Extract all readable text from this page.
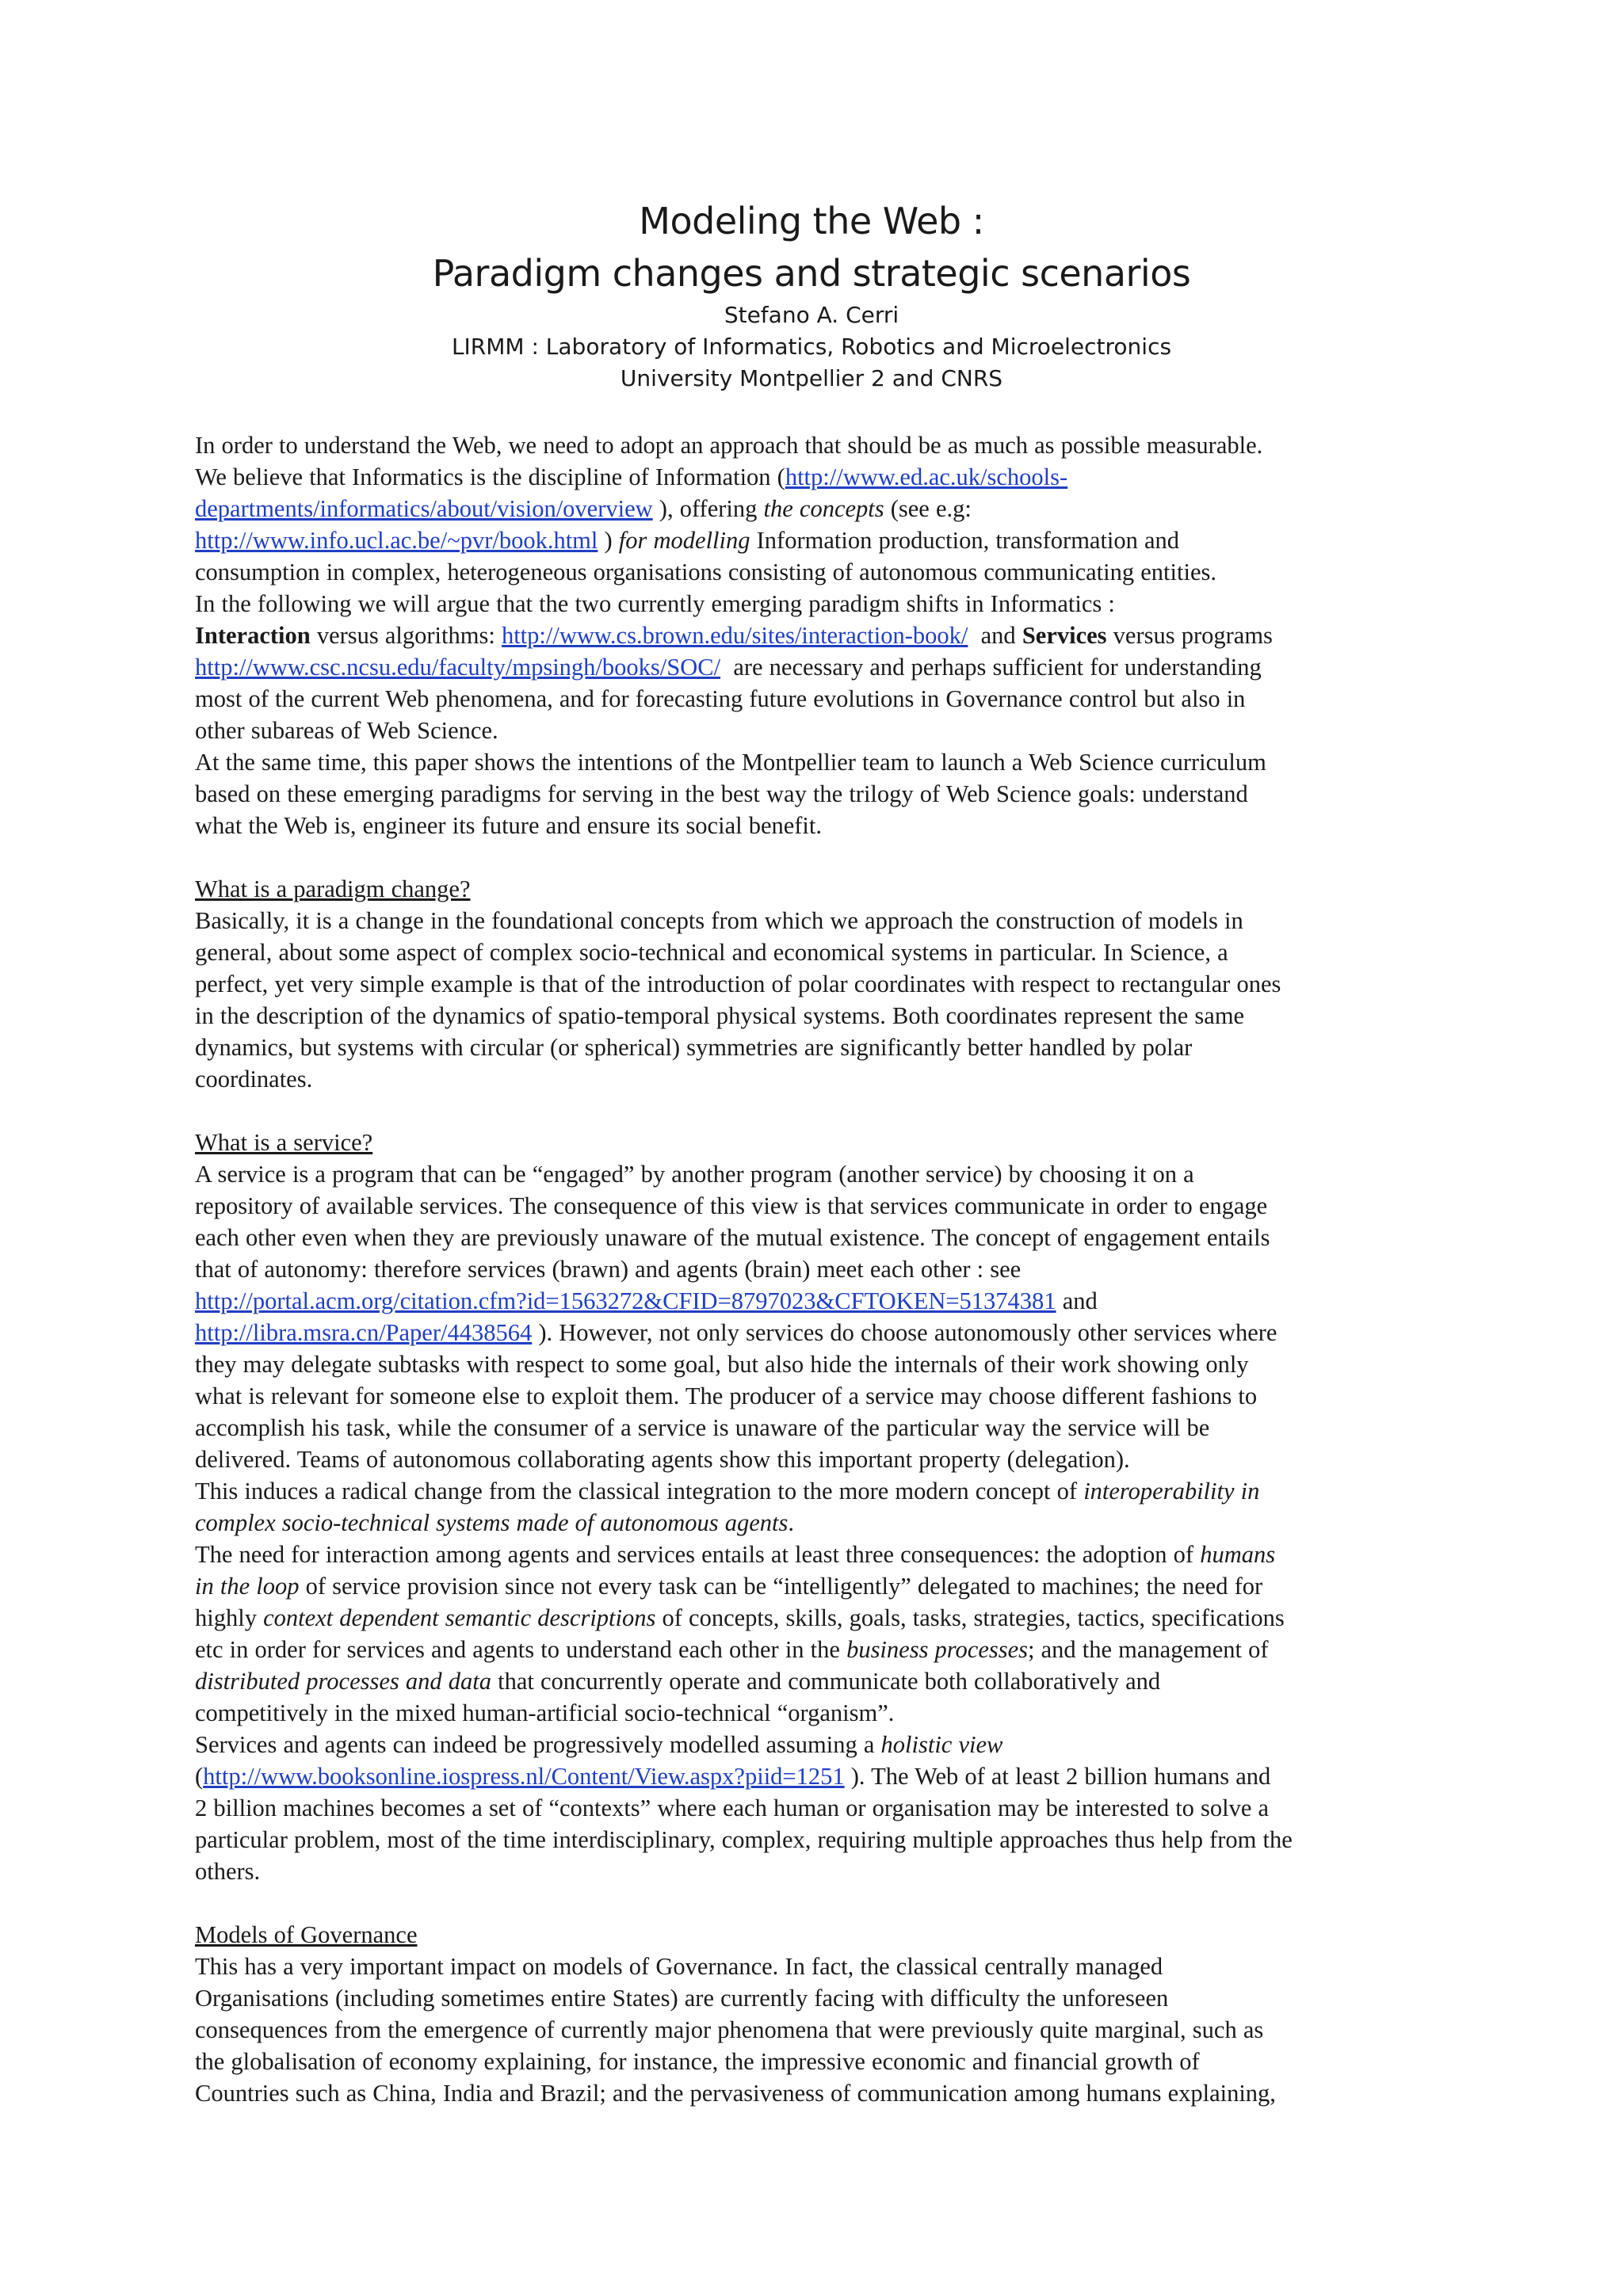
Modeling the Web :
Paradigm changes and strategic scenarios
Stefano A. Cerri
LIRMM : Laboratory of Informatics, Robotics and Microelectronics
University Montpellier 2 and CNRS
In order to understand the Web, we need to adopt an approach that should be as much as possible measurable.
We believe that Informatics is the discipline of Information (http://www.ed.ac.uk/schools-
departments/informatics/about/vision/overview ), offering the concepts (see e.g:
http://www.info.ucl.ac.be/~pvr/book.html ) for modelling Information production, transformation and
consumption in complex, heterogeneous organisations consisting of autonomous communicating entities.
In the following we will argue that the two currently emerging paradigm shifts in Informatics :
Interaction versus algorithms: http://www.cs.brown.edu/sites/interaction-book/  and Services versus programs
http://www.csc.ncsu.edu/faculty/mpsingh/books/SOC/  are necessary and perhaps sufficient for understanding
most of the current Web phenomena, and for forecasting future evolutions in Governance control but also in
other subareas of Web Science.
At the same time, this paper shows the intentions of the Montpellier team to launch a Web Science curriculum
based on these emerging paradigms for serving in the best way the trilogy of Web Science goals: understand
what the Web is, engineer its future and ensure its social benefit.
What is a paradigm change?
Basically, it is a change in the foundational concepts from which we approach the construction of models in
general, about some aspect of complex socio-technical and economical systems in particular. In Science, a
perfect, yet very simple example is that of the introduction of polar coordinates with respect to rectangular ones
in the description of the dynamics of spatio-temporal physical systems. Both coordinates represent the same
dynamics, but systems with circular (or spherical) symmetries are significantly better handled by polar
coordinates.
What is a service?
A service is a program that can be “engaged” by another program (another service) by choosing it on a
repository of available services. The consequence of this view is that services communicate in order to engage
each other even when they are previously unaware of the mutual existence. The concept of engagement entails
that of autonomy: therefore services (brawn) and agents (brain) meet each other : see
http://portal.acm.org/citation.cfm?id=1563272&CFID=8797023&CFTOKEN=51374381 and
http://libra.msra.cn/Paper/4438564 ). However, not only services do choose autonomously other services where
they may delegate subtasks with respect to some goal, but also hide the internals of their work showing only
what is relevant for someone else to exploit them. The producer of a service may choose different fashions to
accomplish his task, while the consumer of a service is unaware of the particular way the service will be
delivered. Teams of autonomous collaborating agents show this important property (delegation).
This induces a radical change from the classical integration to the more modern concept of interoperability in
complex socio-technical systems made of autonomous agents.
The need for interaction among agents and services entails at least three consequences: the adoption of humans
in the loop of service provision since not every task can be “intelligently” delegated to machines; the need for
highly context dependent semantic descriptions of concepts, skills, goals, tasks, strategies, tactics, specifications
etc in order for services and agents to understand each other in the business processes; and the management of
distributed processes and data that concurrently operate and communicate both collaboratively and
competitively in the mixed human-artificial socio-technical “organism”.
Services and agents can indeed be progressively modelled assuming a holistic view
(http://www.booksonline.iospress.nl/Content/View.aspx?piid=1251 ). The Web of at least 2 billion humans and
2 billion machines becomes a set of “contexts” where each human or organisation may be interested to solve a
particular problem, most of the time interdisciplinary, complex, requiring multiple approaches thus help from the
others.
Models of Governance
This has a very important impact on models of Governance. In fact, the classical centrally managed
Organisations (including sometimes entire States) are currently facing with difficulty the unforeseen
consequences from the emergence of currently major phenomena that were previously quite marginal, such as
the globalisation of economy explaining, for instance, the impressive economic and financial growth of
Countries such as China, India and Brazil; and the pervasiveness of communication among humans explaining,
